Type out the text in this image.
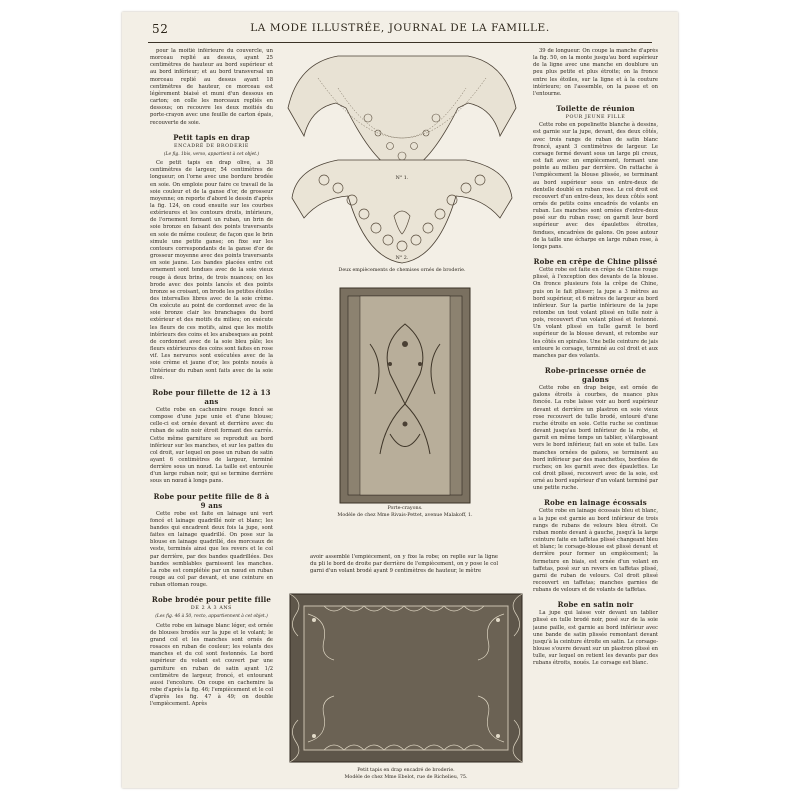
52	LA MODE ILLUSTRÉE, JOURNAL DE LA FAMILLE.

pour la moitié inférieure du couvercle, un morceau replié au dessus, ayant 25 centimètres de hauteur au bord supérieur et au bord inférieur; et au bord transversal un morceau replié au dessus ayant 18 centimètres de hauteur, ce morceau est légèrement biaisé et muni d'un dessous en carton; on colle les morceaux repliés en dessous; on recouvre les deux moitiés du porte-crayon avec une feuille de carton épais, recouverte de soie.

Petit tapis en drap
ENCADRÉ DE BRODERIE
(Le fig. 1bis, verso, appartient à cet objet.)

Ce petit tapis en drap olive, a 38 centimètres de largeur, 54 centimètres de longueur; on l'orne avec une bordure brodée en soie. On emploie pour faire ce travail de la soie couleur et de la ganse d'or, de grosseur moyenne; on reporte d'abord le dessin d'après la fig. 124, on coud ensuite sur les courbes extérieures et les contours droits, intérieurs, de l'ornement formant un ruban, un brin de soie bronze en faisant des points traversants en soie de même couleur, de façon que le brin simule une petite ganse; on fixe sur les contours correspondants de la ganse d'or de grosseur moyenne avec des points traversants en soie jaune. Les bandes placées entre cet ornement sont tendues avec de la soie vieux rouge à deux brins, de trois nuances; on les brode avec des points lancés et des points bronze se croisant, on brode les petites étoiles des intervalles libres avec de la soie crème. On exécute au point de cordonnet avec de la soie bronze clair les branchages du bord extérieur et des motifs du milieu; on exécute les fleurs de ces motifs, ainsi que les motifs intérieurs des coins et les arabesques au point de cordonnet avec de la soie bleu pâle; les fleurs extérieures des coins sont faites en rose vif. Les nervures sont exécutées avec de la soie crème et jaune d'or, les points noués à l'intérieur du ruban sont faits avec de la soie olive.

Robe pour fillette de 12 à 13 ans

Cette robe en cachemire rouge foncé se compose d'une jupe unie et d'une blouse; celle-ci est ornée devant et derrière avec du ruban de satin noir étroit formant des carrés. Cette même garniture se reproduit au bord inférieur sur les manches, et sur les pattes du col droit, sur lequel on pose un ruban de satin ayant 6 centimètres de largeur, terminé derrière sous un nœud. La taille est entourée d'un large ruban noir, qui se termine derrière sous un nœud à longs pans.

Robe pour petite fille de 8 à 9 ans

Cette robe est faite en lainage uni vert foncé et lainage quadrillé noir et blanc; les bandes qui encadrent deux fois la jupe, sont faites en lainage quadrillé. On pose sur la blouse en lainage quadrillé, des morceaux de veste, terminés ainsi que les revers et le col par derrière, par des bandes quadrillées. Des bandes semblables garnissent les manches. La robe est complétée par un nœud en ruban rouge au col par devant, et une ceinture en ruban ottoman rouge.

Robe brodée pour petite fille
DE 2 À 3 ANS
(Les fig. 46 à 50, recto, appartiennent à cet objet.)

Cette robe en lainage blanc léger, est ornée de blouses brodés sur la jupe et le volant; le grand col et les manches sont ornés de rosaces en ruban de couleur; les volants des manches et du col sont festonnés. Le bord supérieur du volant est couvert par une garniture en ruban de satin ayant 1/2 centimètre de largeur, froncé, et entourant aussi l'encolure. On coupe en cachemire la robe d'après la fig. 46; l'empiècement et le col d'après les fig. 47 à 49; on double l'empiècement. Après

39 de longueur. On coupe la manche d'après la fig. 50, on la monte jusqu'au bord supérieur de la ligne avec une manche en doublure un peu plus petite et plus étroite; on la fronce entre les étoiles, sur la ligne et à la couture intérieure; on l'assemble, on la passe et on l'entourne.

Toilette de réunion
POUR JEUNE FILLE

Cette robe en popelinette blanche à dessins, est garnie sur la jupe, devant, des deux côtés, avec trois rangs de ruban de satin blanc froncé, ayant 3 centimètres de largeur. Le corsage fermé devant sous un large pli creux, est fait avec un empiècement, formant une pointe au milieu par derrière. On rattache à l'empiècement la blouse plissée, se terminant au bord supérieur sous un entre-deux de dentelle doublé en ruban rose. Le col droit est recouvert d'un entre-deux, les deux côtés sont ornés de petits coins encadrés de volants en ruban. Les manches sont ornées d'entre-deux posé sur du ruban rose; on garnit leur bord supérieur avec des épaulettes étroites, fendues, encadrées de galons. On pose autour de la taille une écharpe en large ruban rose, à longs pans.

Robe en crêpe de Chine plissé

Cette robe est faite en crêpe de Chine rouge plissé, à l'exception des devants de la blouse. On fronce plusieurs fois la crêpe de Chine, puis on le fait plisser; la jupe a 3 mètres au bord supérieur, et 6 mètres de largeur au bord inférieur. Sur la partie inférieure de la jupe retombe un tout volant plissé en tulle noir à pois, recouvert d'un volant plissé et festonné. Un volant plissé en tulle garnit le bord supérieur de la blouse devant, et retombe sur les côtés en spirales. Une belle ceinture de jais entoure le corsage, terminé au col droit et aux manches par des volants.

Robe-princesse ornée de galons

Cette robe en drap beige, est ornée de galons étroits à courbes, de nuance plus foncée. La robe laisse voir au bord supérieur devant et derrière un plastron en soie vieux rose recouvert de tulle brodé, entouré d'une ruche étroite en soie. Cette ruche se continue devant jusqu'au bord inférieur de la robe, et garnit en même temps un tablier, s'élargissant vers le bord inférieur, fait en soie et tulle. Les manches ornées de galons, se terminent au bord inférieur par des manchettes, bordées de ruches; on les garnit avec des épaulettes. Le col droit plissé, recouvert avec de la soie, est orné au bord supérieur d'un volant terminé par une petite ruche.

Robe en lainage écossais

Cette robe en lainage écossais bleu et blanc, a la jupe est garnie au bord inférieur de trois rangs de rubans de velours bleu étroit. Ce ruban monte devant à gauche, jusqu'à la large ceinture faite en taffetas plissé changeant bleu et blanc; le corsage-blouse est plissé devant et derrière pour former un empiècement; la fermeture en biais, est ornée d'un volant en taffetas, posé sur un revers en taffetas plissé, garni de ruban de velours. Col droit plissé recouvert en taffetas; manches garnies de rubans de velours et de volants de taffetas.

Robe en satin noir

La jupe qui laisse voir devant un tablier plissé en tulle brodé noir, posé sur de la soie jaune paille, est garnie au bord inférieur avec une bande de satin plissée remontant devant jusqu'à la ceinture étroite en satin. Le corsage-blouse s'ouvre devant sur un plastron plissé en tulle, sur lequel on retient les devants par des rubans étroits, noués. Le corsage est blanc.

N° 1.
N° 2.
Deux empiècements de chemises ornés de broderie.
Porte-crayons.
Modèle de chez Mme Rivais-Pettet, avenue Malakoff, 1.
avoir assemblé l'empiècement, on y fixe la robe; on replie sur la ligne du pli le bord de droite par derrière de l'empiècement, on y pose le col garni d'un volant brodé ayant 9 centimètres de hauteur, le mètre
Petit tapis en drap encadré de broderie.
Modèle de chez Mme Ebelot, rue de Richelieu, 75.
